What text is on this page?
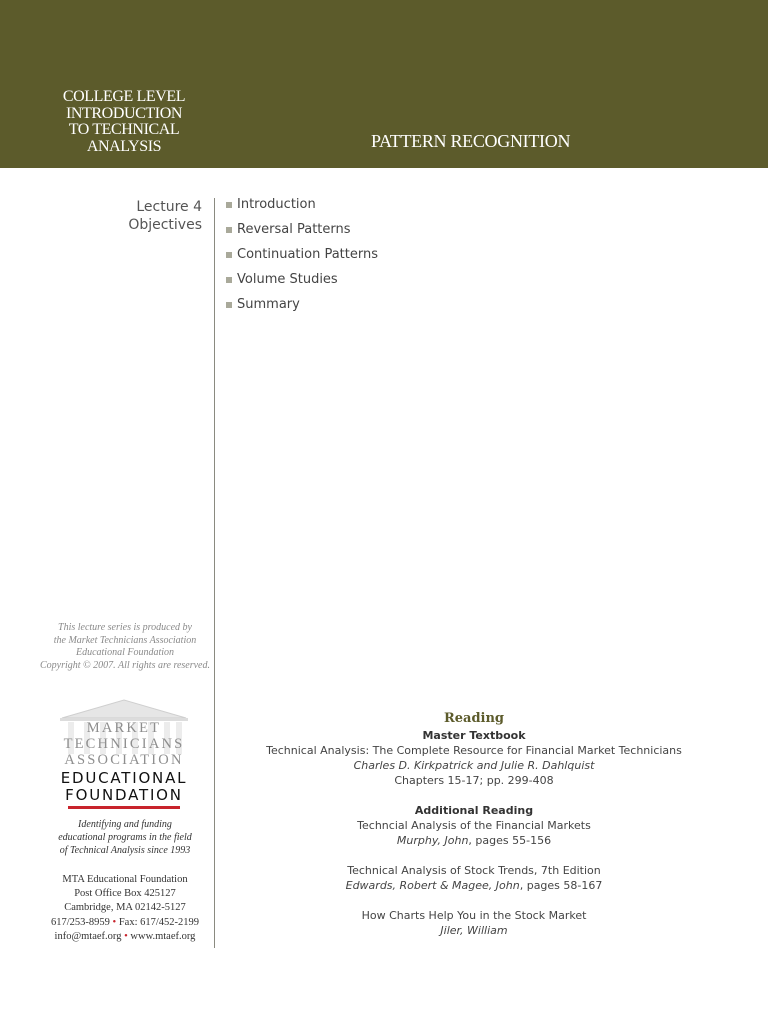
COLLEGE LEVEL
INTRODUCTION
TO TECHNICAL
ANALYSIS	PATTERN RECOGNITION
Lecture 4
Objectives
Introduction
Reversal Patterns
Continuation Patterns
Volume Studies
Summary
This lecture series is produced by
the Market Technicians Association
Educational Foundation
Copyright © 2007. All rights are reserved.
MARKET
TECHNICIANS
ASSOCIATION
EDUCATIONAL
FOUNDATION
Identifying and funding
educational programs in the field
of Technical Analysis since 1993
MTA Educational Foundation
Post Office Box 425127
Cambridge, MA 02142-5127
617/253-8959 • Fax: 617/452-2199
info@mtaef.org • www.mtaef.org
Reading
Master Textbook
Technical Analysis: The Complete Resource for Financial Market Technicians
Charles D. Kirkpatrick and Julie R. Dahlquist
Chapters 15-17; pp. 299-408
Additional Reading
Techncial Analysis of the Financial Markets
Murphy, John, pages 55-156
Technical Analysis of Stock Trends, 7th Edition
Edwards, Robert & Magee, John, pages 58-167
How Charts Help You in the Stock Market
Jiler, William
